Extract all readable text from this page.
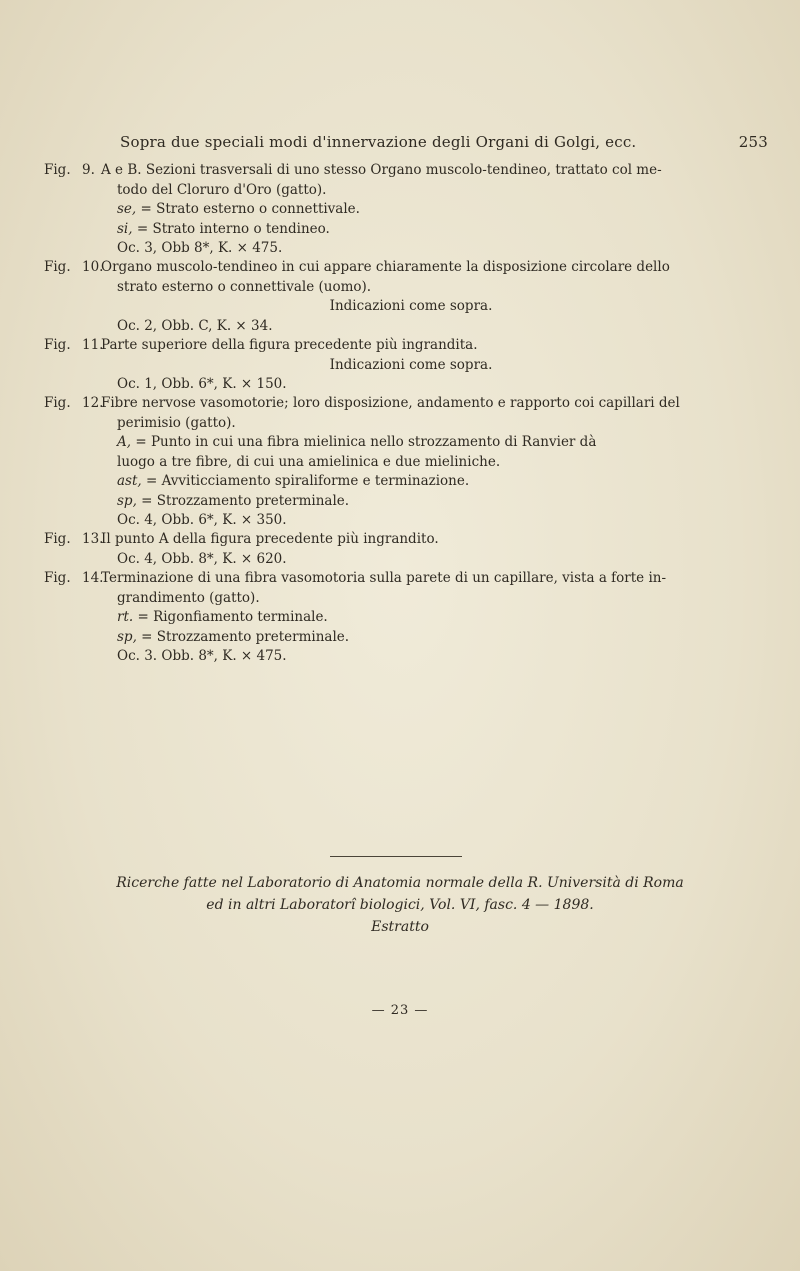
Sopra due speciali modi d'innervazione degli Organi di Golgi, ecc.	253
Fig. 9. A e B. Sezioni trasversali di uno stesso Organo muscolo-tendineo, trattato col me-
todo del Cloruro d'Oro (gatto).
se, = Strato esterno o connettivale.
si, = Strato interno o tendineo.
Oc. 3, Obb 8*, K. × 475.
Fig. 10.
Organo muscolo-tendineo in cui appare chiaramente la disposizione circolare dello
strato esterno o connettivale (uomo).
Indicazioni come sopra.
Oc. 2, Obb. C, K. × 34.
Fig. 11.
Parte superiore della figura precedente più ingrandita.
Indicazioni come sopra.
Oc. 1, Obb. 6*, K. × 150.
Fig. 12.
Fibre nervose vasomotorie; loro disposizione, andamento e rapporto coi capillari del
perimisio (gatto).
A, = Punto in cui una fibra mielinica nello strozzamento di Ranvier dà
luogo a tre fibre, di cui una amielinica e due mieliniche.
ast, = Avviticciamento spiraliforme e terminazione.
sp, = Strozzamento preterminale.
Oc. 4, Obb. 6*, K. × 350.
Fig. 13.
Il punto A della figura precedente più ingrandito.
Oc. 4, Obb. 8*, K. × 620.
Fig. 14.
Terminazione di una fibra vasomotoria sulla parete di un capillare, vista a forte in-
grandimento (gatto).
rt. = Rigonfiamento terminale.
sp, = Strozzamento preterminale.
Oc. 3. Obb. 8*, K. × 475.
Ricerche fatte nel Laboratorio di Anatomia normale della R. Università di Roma
ed in altri Laboratorî biologici, Vol. VI, fasc. 4 — 1898.
Estratto
— 23 —
